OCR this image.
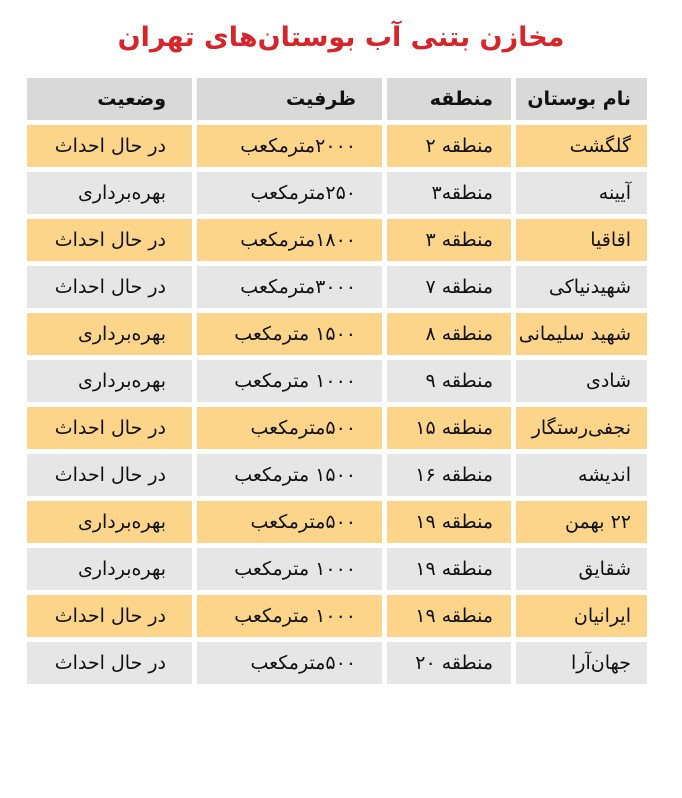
مخازن بتنی آب بوستان‌های تهران
نام بوستان
منطقه
ظرفیت
وضعیت
گلگشت
منطقه ۲
۲۰۰۰مترمکعب
در حال احداث
آیینه
منطقه۳
۲۵۰مترمکعب
بهره‌برداری
اقاقیا
منطقه ۳
۱۸۰۰مترمکعب
در حال احداث
شهیدنیاکی
منطقه ۷
۳۰۰۰مترمکعب
در حال احداث
شهید سلیمانی
منطقه ۸
۱۵۰۰ مترمکعب
بهره‌برداری
شادی
منطقه ۹
۱۰۰۰ مترمکعب
بهره‌برداری
نجفی‌رستگار
منطقه ۱۵
۵۰۰مترمکعب
در حال احداث
اندیشه
منطقه ۱۶
۱۵۰۰ مترمکعب
در حال احداث
۲۲ بهمن
منطقه ۱۹
۵۰۰مترمکعب
بهره‌برداری
شقایق
منطقه ۱۹
۱۰۰۰ مترمکعب
بهره‌برداری
ایرانیان
منطقه ۱۹
۱۰۰۰ مترمکعب
در حال احداث
جهان‌آرا
منطقه ۲۰
۵۰۰مترمکعب
در حال احداث
